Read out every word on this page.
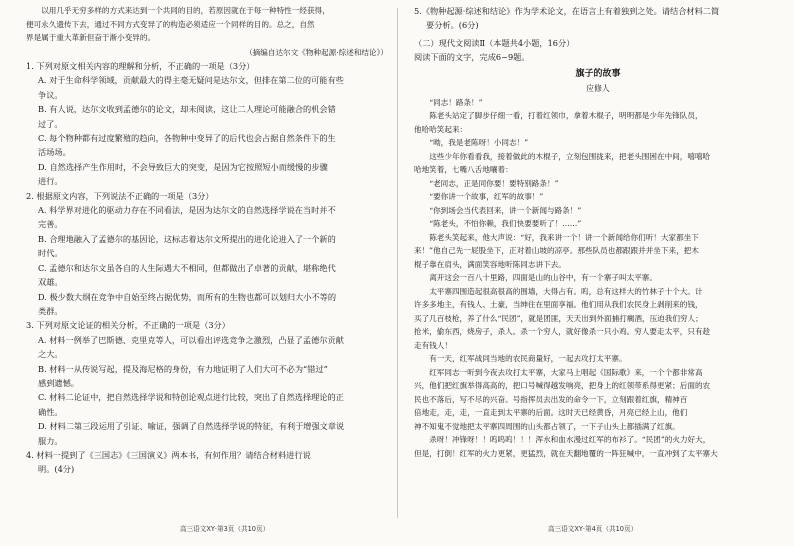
以用几乎无穷多样的方式来达到一个共同的目的，若原因就在于每一种特性一经获得，

便可永久遗传下去，通过不同方式变异了的构造必须适应一个同样的目的。总之，自然

界是属于重大革新但奋于渐小变异的。

（摘编自达尔文《物种起源·综述和结论》）

1. 下列对原文相关内容的理解和分析，不正确的一项是（3分）

A. 对于生命科学领域，贡献最大的得主毫无疑问是达尔文，但排在第二位的可能有些

争议。

B. 有人说，达尔文收到孟德尔的论文，却未阅读，这让二人理论可能融合的机会错

过了。

C. 每个物种都有过度繁殖的趋向，各物种中变异了的后代也会占据自然条件下的生

活场场。

D. 自然选择产生作用时，不会导致巨大的突变，是因为它按照短小而缓慢的步骤

进行。

2. 根据原文内容，下列说法不正确的一项是（3分）

A. 科学界对进化的驱动力存在不同看法，是因为达尔文的自然选择学说在当时并不

完善。

B. 合理地融入了孟德尔的基因论，这标志着达尔文所提出的进化论进入了一个新的

时代。

C. 孟德尔和达尔文虽各自的人生际遇大不相同，但都做出了卓著的贡献，堪称绝代

双雄。

D. 极少数大纲在竞争中自始至终占据优势，而所有的生物也都可以划归大小不等的

类群。

3. 下列对原文论证的相关分析，不正确的一项是（3分）

A. 材料一例举了巴斯德、克里克等人，可以看出评选竞争之激烈，凸显了孟德尔贡献

之大。

B. 材料一从传说写起，提及海尼格的身份，有力地证明了人们大可不必为“错过”

感到遗憾。

C. 材料二论证中，把自然选择学说和特创论观点进行比较，突出了自然选择理论的正

确性。

D. 材料二第三段运用了引证、喻证，强调了自然选择学说的特征，有利于增强文章说

服力。

4. 材料一提到了《三国志》《三国演义》两本书，有何作用？请结合材料进行说

明。(4分)

5.《物种起源·综述和结论》作为学术论文，在语言上有着独到之处。请结合材料二简

要分析。(6分)

（二）现代文阅读Ⅱ（本题共4小题，16分）

阅读下面的文字，完成6~9题。

旗子的故事

应修人

“同志！路条！”

陈老头站定了脚步仔细一看，打着红领巾，拿着木棍子，明明都是少年先锋队员，

他哈哈笑起来：

“呦，我是老陈呀！小同志！”

这些少年你看看我，接着做此的木棍子，立刻包围拢来，把老头围困在中间，嘻嘻哈

哈地笑着，七嘴八舌地嚷着：

“老同志，正是同你要！要特别路条！”

“要你讲一个故事，红军的故事！”

“你到场会当代表回来，讲一个新闻与路条！”

“陈老头，不怕你赖，我们快要要听了！……”

陈老头笑起来，他大声说：“好，我来讲一个！讲一个新闻给你们听！大家都坐下

来！”他自己先一屁股坐下，正对着山坡的凉亭。那些队员也都跟跟并并坐下来，把木

棍子靠在肩头，满面笑容地听陈同志讲下去。

离开这会一百八十里路，四面是山的山谷中，有一个寨子叫太平寨。

太平寨四围造起很高很高的围墙，大得占有。呜，总有这样大的竹林子十个大。计

许多多地主，有钱人、土豪，当绅住在里面享福。他们用从我们农民身上剥削来的钱，

买了几百枝枪，养了什么“民团”，就是团匪，天天出到外面捕打瘸酒，压迫我们穷人；

抢米，偷东西，烧房子，杀人。杀一个穷人，就好像杀一只小鸡。穷人要走太平，只有趁

走有钱人！

有一天，红军战同当地的农民商量好，一起去攻打太平寨。

红军同志一听到今夜去攻打太平寨，大家马上唱起《国际歌》来，一个个都非常高

兴，他们把红旗举得高高的，把口号喊得越发响亮，把身上的红领带系得更紧；后面的农

民也不落后，写不尽的兴奋。号指挥员去出发的命令一下，立刻跟着红旗，精神百

倍地走，走，走，一直走到太平寨的后面。这时天已经黄昏，月亮已经上山，他们

神不知鬼不觉地把太平寨四周围的山头都占领了，一下子山头上都插满了红旗。

杀呀！冲锋呀！！呜呜呜！！！浑水和血水漫过红军的布衫了。“民团”的火力好大，

但是，打倒！红军的火力更紧，更猛烈，就在天翻地覆的一阵狂喊中，一直冲到了太平寨大

高三语文XY·第3页（共10页）	高三语文XY·第4页（共10页）
